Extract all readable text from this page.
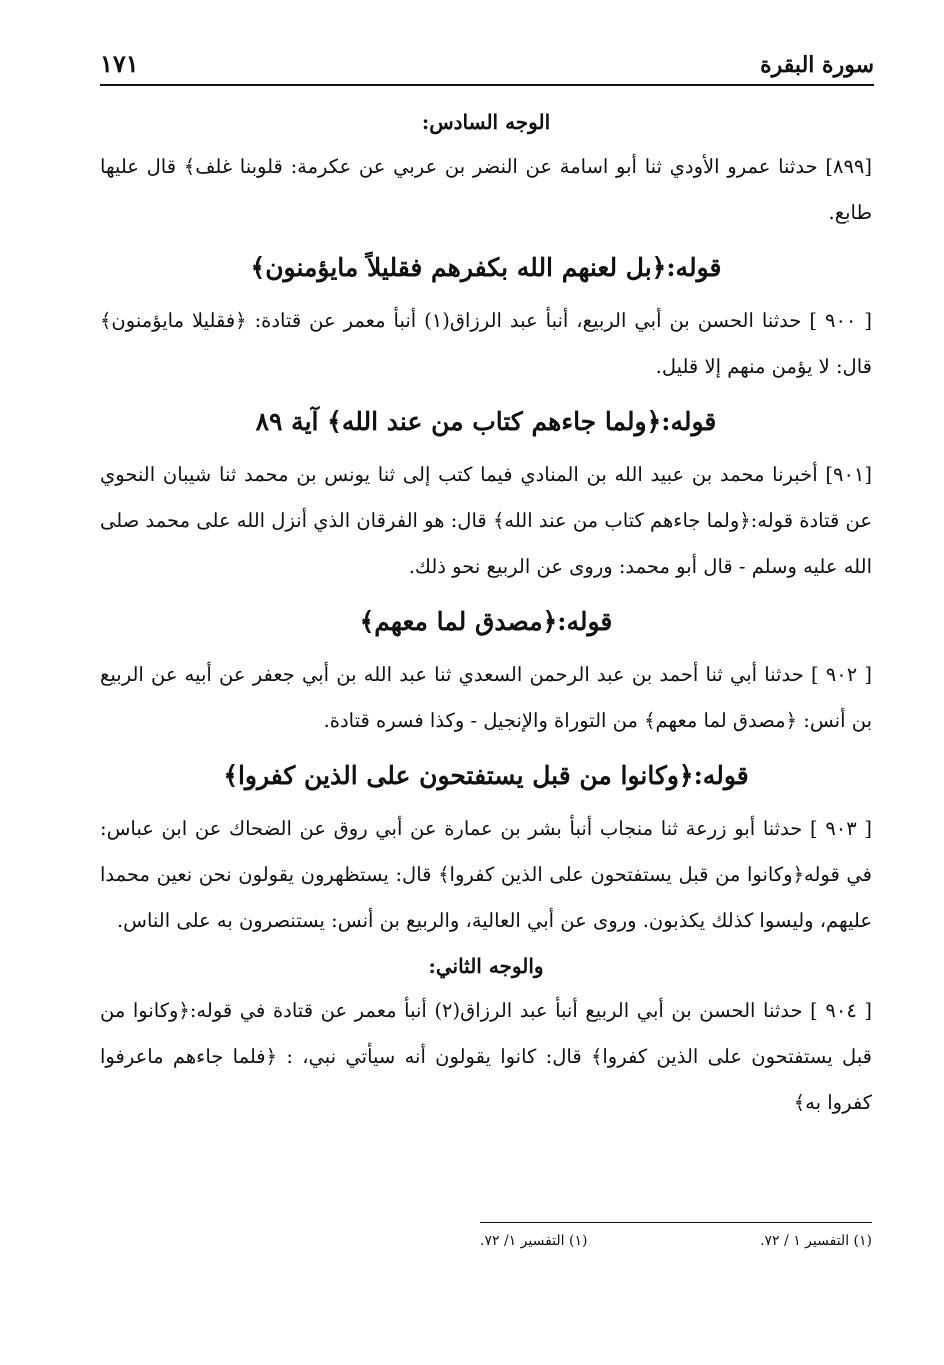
سورة البقرة
١٧١
الوجه السادس:

[٨٩٩] حدثنا عمرو الأودي ثنا أبو اسامة عن النضر بن عربي عن عكرمة: قلوبنا غلف﴾ قال عليها طابع.

قوله:﴿بل لعنهم الله بكفرهم فقليلاً مايؤمنون﴾

[ ٩٠٠ ] حدثنا الحسن بن أبي الربيع، أنبأ عبد الرزاق(١) أنبأ معمر عن قتادة: ﴿فقليلا مايؤمنون﴾ قال: لا يؤمن منهم إلا قليل.

قوله:﴿ولما جاءهم كتاب من عند الله﴾ آية ٨٩

[٩٠١] أخبرنا محمد بن عبيد الله بن المنادي فيما كتب إلى ثنا يونس بن محمد ثنا شيبان النحوي عن قتادة قوله:﴿ولما جاءهم كتاب من عند الله﴾ قال: هو الفرقان الذي أنزل الله على محمد صلى الله عليه وسلم - قال أبو محمد: وروى عن الربيع نحو ذلك.

قوله:﴿مصدق لما معهم﴾

[ ٩٠٢ ] حدثنا أبي ثنا أحمد بن عبد الرحمن السعدي ثنا عبد الله بن أبي جعفر عن أبيه عن الربيع بن أنس: ﴿مصدق لما معهم﴾ من التوراة والإنجيل - وكذا فسره قتادة.

قوله:﴿وكانوا من قبل يستفتحون على الذين كفروا﴾

[ ٩٠٣ ] حدثنا أبو زرعة ثنا منجاب أنبأ بشر بن عمارة عن أبي روق عن الضحاك عن ابن عباس: في قوله﴿وكانوا من قبل يستفتحون على الذين كفروا﴾ قال: يستظهرون يقولون نحن نعين محمدا عليهم، وليسوا كذلك يكذبون. وروى عن أبي العالية، والربيع بن أنس: يستنصرون به على الناس.

والوجه الثاني:

[ ٩٠٤ ] حدثنا الحسن بن أبي الربيع أنبأ عبد الرزاق(٢) أنبأ معمر عن قتادة في قوله:﴿وكانوا من قبل يستفتحون على الذين كفروا﴾ قال: كانوا يقولون أنه سيأتي نبي، : ﴿فلما جاءهم ماعرفوا كفروا به﴾

(١) التفسير ١ / ٧٢.
(١) التفسير ١/ ٧٢.
